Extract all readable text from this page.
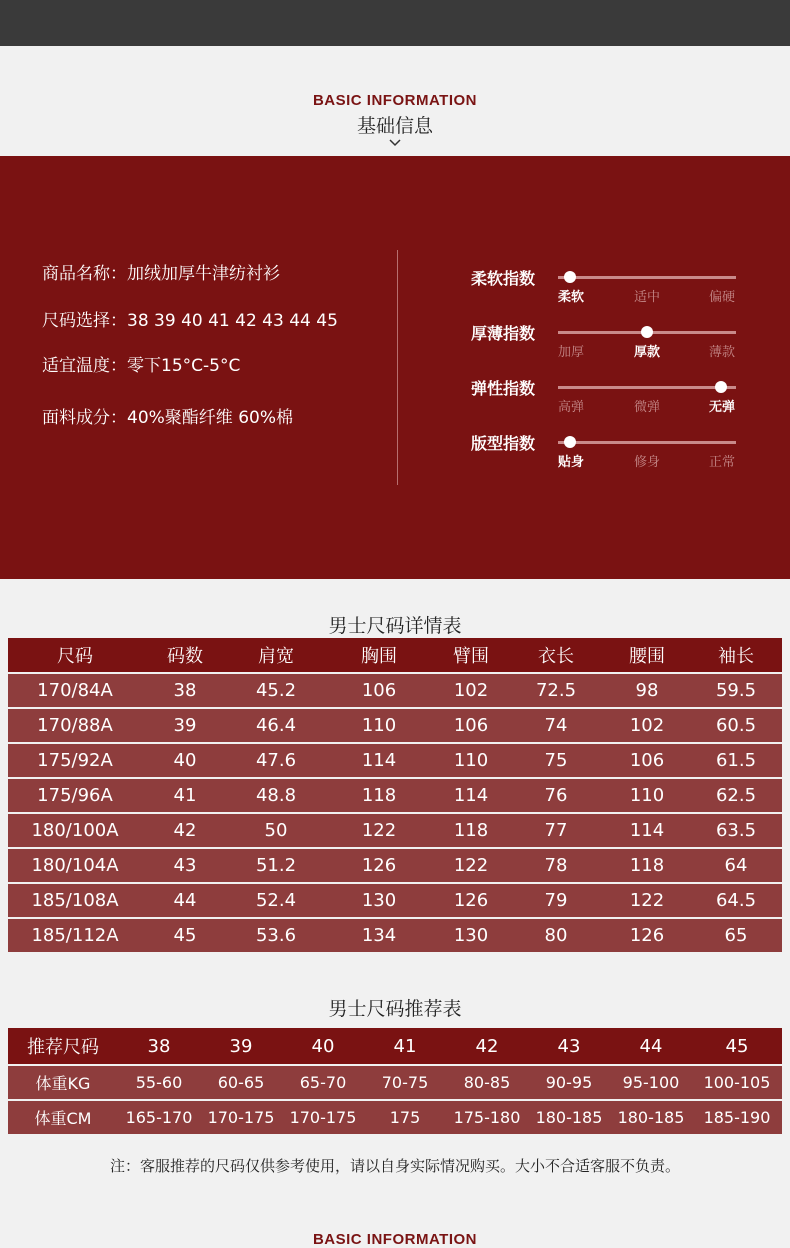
BASIC INFORMATION
基础信息
商品名称：加绒加厚牛津纺衬衫
尺码选择：38 39 40 41 42 43 44 45
适宜温度：零下15°C-5°C
面料成分：40%聚酯纤维 60%棉
柔软指数
柔软	适中	偏硬
厚薄指数
加厚	厚款	薄款
弹性指数
高弹	微弹	无弹
版型指数
贴身	修身	正常
男士尺码详情表
尺码	码数	肩宽	胸围	臂围	衣长	腰围	袖长
170/84A	38	45.2	106	102	72.5	98	59.5
170/88A	39	46.4	110	106	74	102	60.5
175/92A	40	47.6	114	110	75	106	61.5
175/96A	41	48.8	118	114	76	110	62.5
180/100A	42	50	122	118	77	114	63.5
180/104A	43	51.2	126	122	78	118	64
185/108A	44	52.4	130	126	79	122	64.5
185/112A	45	53.6	134	130	80	126	65
男士尺码推荐表
推荐尺码	38	39	40	41	42	43	44	45
体重KG	55-60	60-65	65-70	70-75	80-85	90-95	95-100	100-105
体重CM	165-170	170-175	170-175	175	175-180	180-185	180-185	185-190
注：客服推荐的尺码仅供参考使用，请以自身实际情况购买。大小不合适客服不负责。
BASIC INFORMATION
